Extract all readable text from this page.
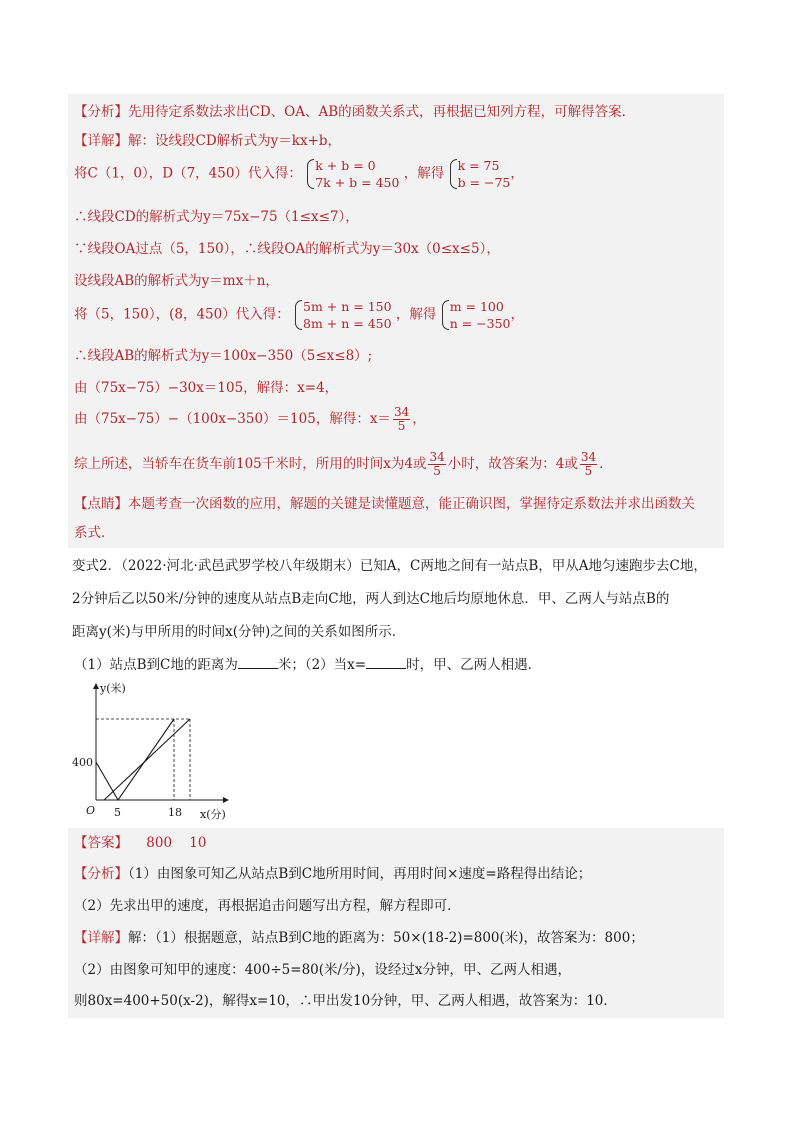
【分析】先用待定系数法求出CD、OA、AB的函数关系式，再根据已知列方程，可解得答案．
【详解】解：设线段CD解析式为y＝kx+b，
将C（1，0），D（7，450）代入得： k + b = 0
7k + b = 450
，解得 k = 75
b = −75
，
∴线段CD的解析式为y＝75x−75（1≤x≤7），
∵线段OA过点（5，150），∴线段OA的解析式为y＝30x（0≤x≤5），
设线段AB的解析式为y＝mx＋n，
将（5，150），(8，450）代入得： 5m + n = 150
8m + n = 450
，解得 m = 100
n = −350
，
∴线段AB的解析式为y＝100x−350（5≤x≤8）;
由（75x−75）−30x＝105，解得：x=4，
由（75x−75）−（100x−350）＝105，解得：$x= \frac{34}{5}$ ，
综上所述，当轿车在货车前105千米时，所用的时间x为4或 $\frac{34}{5}$ 小时，故答案为：4或 $\frac{34}{5}$ ．
【点睛】本题考查一次函数的应用，解题的关键是读懂题意，能正确识图，掌握待定系数法并求出函数关
系式．
变式2．（2022·河北·武邑武罗学校八年级期末）已知A，C两地之间有一站点B，甲从A地匀速跑步去C地，
2分钟后乙以50米/分钟的速度从站点B走向C地，两人到达C地后均原地休息．甲、乙两人与站点B的
距离y(米)与甲所用的时间x(分钟)之间的关系如图所示．
（1）站点B到C地的距离为	米；（2）当x=	时，甲、乙两人相遇．
y(米)
x(分)
O
400
5	18
【答案】 800    10
【分析】（1）由图象可知乙从站点B到C地所用时间，再用时间×速度=路程得出结论；
（2）先求出甲的速度，再根据追击问题写出方程，解方程即可．
【详解】解：（1）根据题意，站点B到C地的距离为：50×(18-2)=800(米)，故答案为：800；
（2）由图象可知甲的速度：400÷5=80(米/分)，设经过x分钟，甲、乙两人相遇，
则80x=400+50(x-2)，解得x=10，∴甲出发10分钟，甲、乙两人相遇，故答案为：10．
